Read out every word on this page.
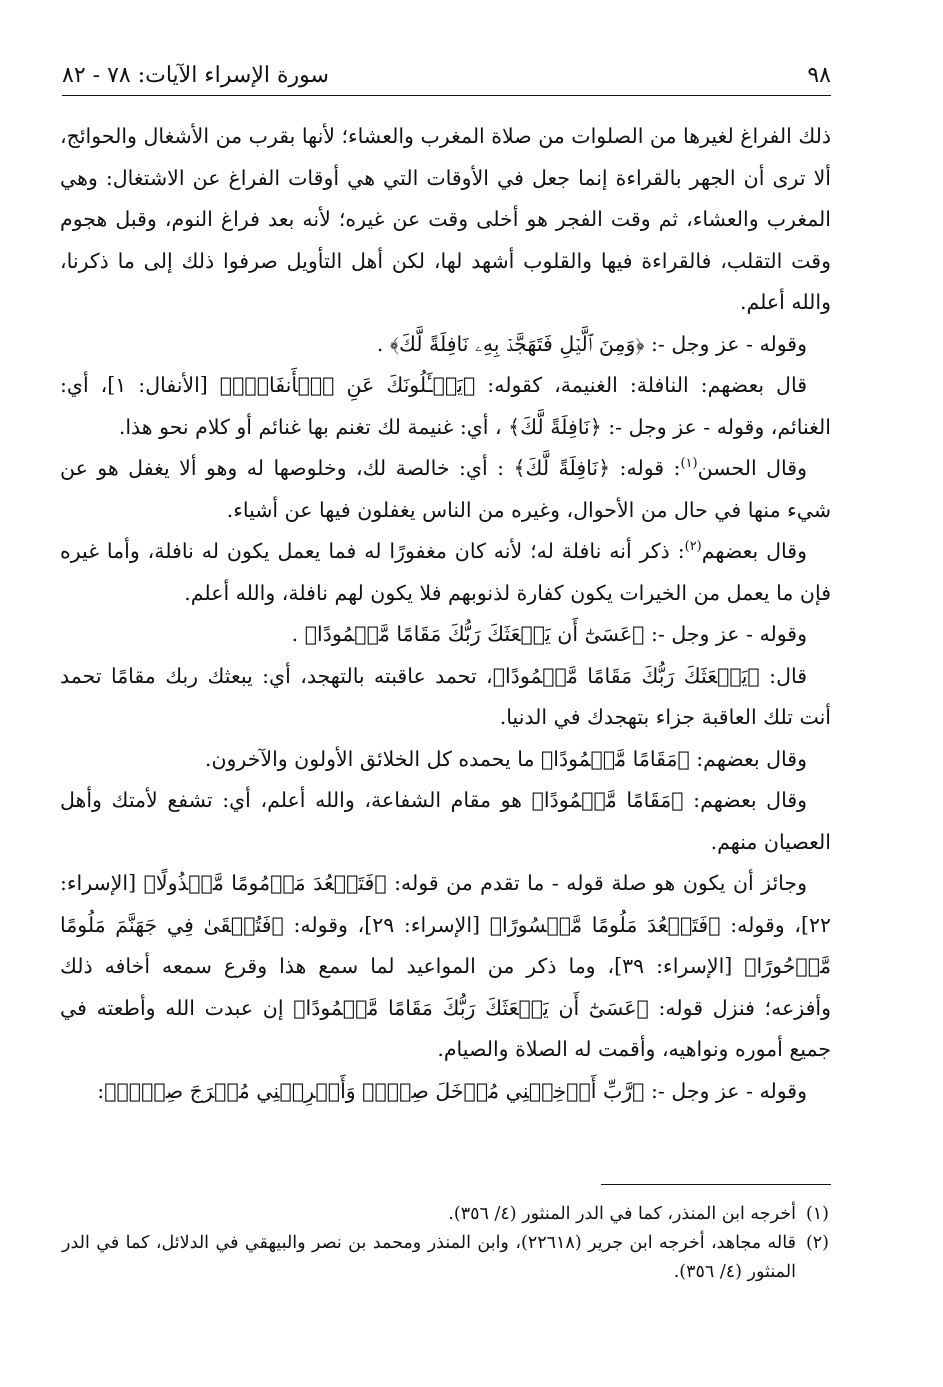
٩٨
سورة الإسراء الآيات: ٧٨ - ٨٢

ذلك الفراغ لغيرها من الصلوات من صلاة المغرب والعشاء؛ لأنها بقرب من الأشغال والحوائج، ألا ترى أن الجهر بالقراءة إنما جعل في الأوقات التي هي أوقات الفراغ عن الاشتغال: وهي المغرب والعشاء، ثم وقت الفجر هو أخلى وقت عن غيره؛ لأنه بعد فراغ النوم، وقبل هجوم وقت التقلب، فالقراءة فيها والقلوب أشهد لها، لكن أهل التأويل صرفوا ذلك إلى ما ذكرنا، والله أعلم.

وقوله - عز وجل -: ﴿وَمِنَ ٱلَّيۡلِ فَتَهَجَّدۡ بِهِۦ نَافِلَةً لَّكَ﴾ .

قال بعضهم: النافلة: الغنيمة، كقوله: ﴿يَسۡـَٔلُونَكَ عَنِ ٱلۡأَنفَالِۖ﴾ [الأنفال: ١]، أي: الغنائم، وقوله - عز وجل -: ﴿نَافِلَةً لَّكَ﴾ ، أي: غنيمة لك تغنم بها غنائم أو كلام نحو هذا.

وقال الحسن$^{(١)}$: قوله: ﴿نَافِلَةً لَّكَ﴾ : أي: خالصة لك، وخلوصها له وهو ألا يغفل هو عن شيء منها في حال من الأحوال، وغيره من الناس يغفلون فيها عن أشياء.

وقال بعضهم$^{(٢)}$: ذكر أنه نافلة له؛ لأنه كان مغفورًا له فما يعمل يكون له نافلة، وأما غيره فإن ما يعمل من الخيرات يكون كفارة لذنوبهم فلا يكون لهم نافلة، والله أعلم.

وقوله - عز وجل -: ﴿عَسَىٰٓ أَن يَبۡعَثَكَ رَبُّكَ مَقَامًا مَّحۡمُودًا﴾ .

قال: ﴿يَبۡعَثَكَ رَبُّكَ مَقَامًا مَّحۡمُودًا﴾، تحمد عاقبته بالتهجد، أي: يبعثك ربك مقامًا تحمد أنت تلك العاقبة جزاء بتهجدك في الدنيا.

وقال بعضهم: ﴿مَقَامًا مَّحۡمُودًا﴾ ما يحمده كل الخلائق الأولون والآخرون.

وقال بعضهم: ﴿مَقَامًا مَّحۡمُودًا﴾ هو مقام الشفاعة، والله أعلم، أي: تشفع لأمتك وأهل العصيان منهم.

وجائز أن يكون هو صلة قوله - ما تقدم من قوله: ﴿فَتَقۡعُدَ مَذۡمُومًا مَّخۡذُولًا﴾ [الإسراء: ٢٢]، وقوله: ﴿فَتَقۡعُدَ مَلُومًا مَّحۡسُورًا﴾ [الإسراء: ٢٩]، وقوله: ﴿فَتُلۡقَىٰ فِي جَهَنَّمَ مَلُومًا مَّدۡحُورًا﴾ [الإسراء: ٣٩]، وما ذكر من المواعيد لما سمع هذا وقرع سمعه أخافه ذلك وأفزعه؛ فنزل قوله: ﴿عَسَىٰٓ أَن يَبۡعَثَكَ رَبُّكَ مَقَامًا مَّحۡمُودًا﴾ إن عبدت الله وأطعته في جميع أموره ونواهيه، وأقمت له الصلاة والصيام.

وقوله - عز وجل -: ﴿رَّبِّ أَدۡخِلۡنِي مُدۡخَلَ صِدۡقٖ وَأَخۡرِجۡنِي مُخۡرَجَ صِدۡقٖ﴾:

(١)
أخرجه ابن المنذر، كما في الدر المنثور (٤/ ٣٥٦).

(٢)
قاله مجاهد، أخرجه ابن جرير (٢٢٦١٨)، وابن المنذر ومحمد بن نصر والبيهقي في الدلائل، كما في الدر المنثور (٤/ ٣٥٦).
